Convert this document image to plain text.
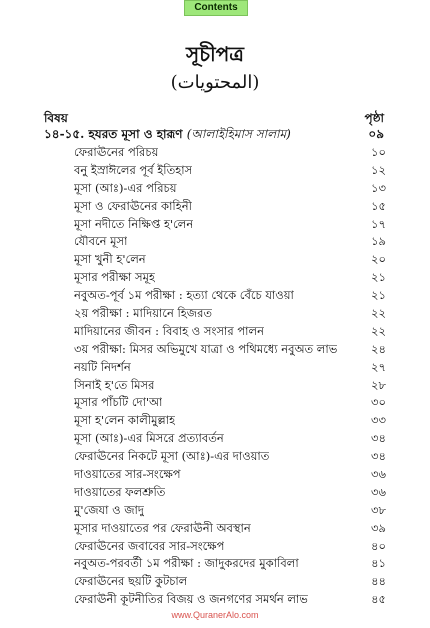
Contents
সূচীপত্র
(المحتويات)
বিষয়	পৃষ্ঠা
১৪-১৫. হযরত মূসা ও হারূণ (আলাইহিমাস সালাম)	০৯
ফেরাঊনের পরিচয়	১০
বনু ইস্রাঈলের পূর্ব ইতিহাস	১২
মূসা (আঃ)-এর পরিচয়	১৩
মূসা ও ফেরাঊনের কাহিনী	১৫
মূসা নদীতে নিক্ষিপ্ত হ'লেন	১৭
যৌবনে মূসা	১৯
মূসা খুনী হ'লেন	২০
মূসার পরীক্ষা সমূহ	২১
নবুঅত-পূর্ব ১ম পরীক্ষা : হত্যা থেকে বেঁচে যাওয়া	২১
২য় পরীক্ষা : মাদিয়ানে হিজরত	২২
মাদিয়ানের জীবন : বিবাহ ও সংসার পালন	২২
৩য় পরীক্ষা: মিসর অভিমুখে যাত্রা ও পথিমধ্যে নবুঅত লাভ	২৪
নয়টি নিদর্শন	২৭
সিনাই হ'তে মিসর	২৮
মূসার পাঁচটি দো'আ	৩০
মূসা হ'লেন কালীমুল্লাহ	৩৩
মূসা (আঃ)-এর মিসরে প্রত্যাবর্তন	৩৪
ফেরাঊনের নিকটে মূসা (আঃ)-এর দাওয়াত	৩৪
দাওয়াতের সার-সংক্ষেপ	৩৬
দাওয়াতের ফলশ্রুতি	৩৬
মু'জেযা ও জাদু	৩৮
মূসার দাওয়াতের পর ফেরাঊনী অবস্থান	৩৯
ফেরাঊনের জবাবের সার-সংক্ষেপ	৪০
নবুঅত-পরবর্তী ১ম পরীক্ষা : জাদুকরদের মুকাবিলা	৪১
ফেরাঊনের ছয়টি কুটচাল	৪৪
ফেরাঊনী কূটনীতির বিজয় ও জনগণের সমর্থন লাভ	৪৫
www.QuranerAlo.com
